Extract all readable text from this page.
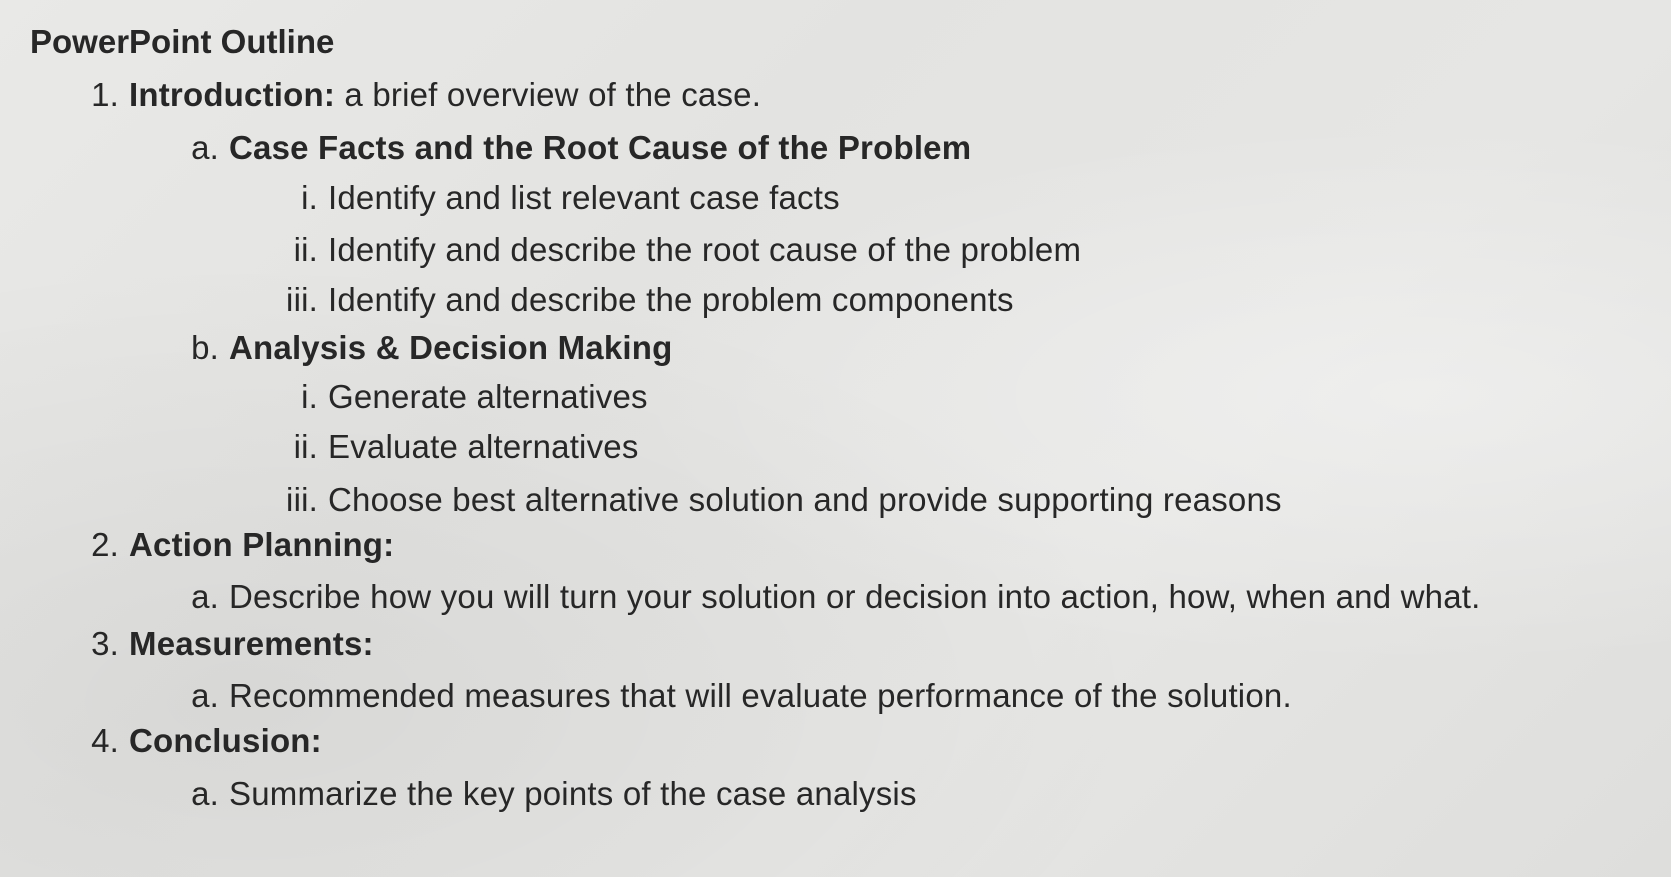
PowerPoint Outline
1. Introduction: a brief overview of the case.
a. Case Facts and the Root Cause of the Problem
i. Identify and list relevant case facts
ii. Identify and describe the root cause of the problem
iii. Identify and describe the problem components
b. Analysis & Decision Making
i. Generate alternatives
ii. Evaluate alternatives
iii. Choose best alternative solution and provide supporting reasons
2. Action Planning:
a. Describe how you will turn your solution or decision into action, how, when and what.
3. Measurements:
a. Recommended measures that will evaluate performance of the solution.
4. Conclusion:
a. Summarize the key points of the case analysis
